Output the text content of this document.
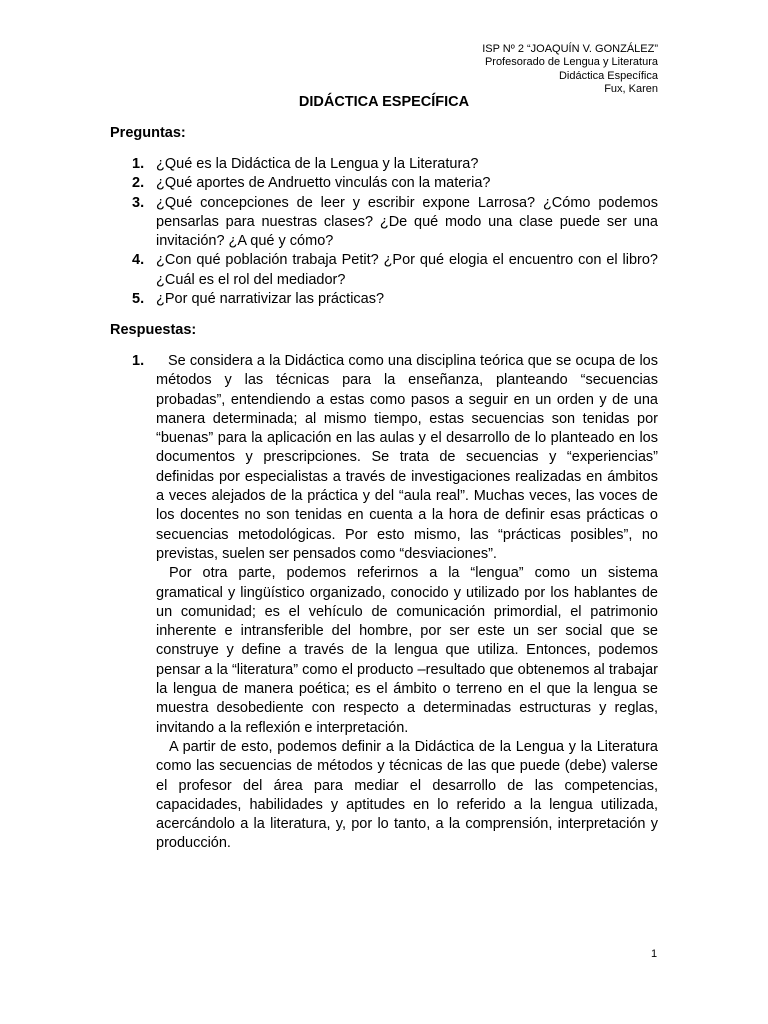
ISP Nº 2 “JOAQUÍN V. GONZÁLEZ”
Profesorado de Lengua y Literatura
Didáctica Específica
Fux, Karen
DIDÁCTICA ESPECÍFICA
Preguntas:
1. ¿Qué es la Didáctica de la Lengua y la Literatura?
2. ¿Qué aportes de Andruetto vinculás con la materia?
3. ¿Qué concepciones de leer y escribir expone Larrosa? ¿Cómo podemos pensarlas para nuestras clases? ¿De qué modo una clase puede ser una invitación? ¿A qué y cómo?
4. ¿Con qué población trabaja Petit? ¿Por qué elogia el encuentro con el libro? ¿Cuál es el rol del mediador?
5. ¿Por qué narrativizar las prácticas?
Respuestas:
1.	Se considera a la Didáctica como una disciplina teórica que se ocupa de los métodos y las técnicas para la enseñanza, planteando “secuencias probadas”, entendiendo a estas como pasos a seguir en un orden y de una manera determinada; al mismo tiempo, estas secuencias son tenidas por “buenas” para la aplicación en las aulas y el desarrollo de lo planteado en los documentos y prescripciones. Se trata de secuencias y “experiencias” definidas por especialistas a través de investigaciones realizadas en ámbitos a veces alejados de la práctica y del “aula real”. Muchas veces, las voces de los docentes no son tenidas en cuenta a la hora de definir esas prácticas o secuencias metodológicas. Por esto mismo, las “prácticas posibles”, no previstas, suelen ser pensados como “desviaciones”.

Por otra parte, podemos referirnos a la “lengua” como un sistema gramatical y lingüístico organizado, conocido y utilizado por los hablantes de un comunidad; es el vehículo de comunicación primordial, el patrimonio inherente e intransferible del hombre, por ser este un ser social que se construye y define a través de la lengua que utiliza. Entonces, podemos pensar a la “literatura” como el producto –resultado que obtenemos al trabajar la lengua de manera poética; es el ámbito o terreno en el que la lengua se muestra desobediente con respecto a determinadas estructuras y reglas, invitando a la reflexión e interpretación.

A partir de esto, podemos definir a la Didáctica de la Lengua y la Literatura como las secuencias de métodos y técnicas de las que puede (debe) valerse el profesor del área para mediar el desarrollo de las competencias, capacidades, habilidades y aptitudes en lo referido a la lengua utilizada, acercándolo a la literatura, y, por lo tanto, a la comprensión, interpretación y producción.

1
